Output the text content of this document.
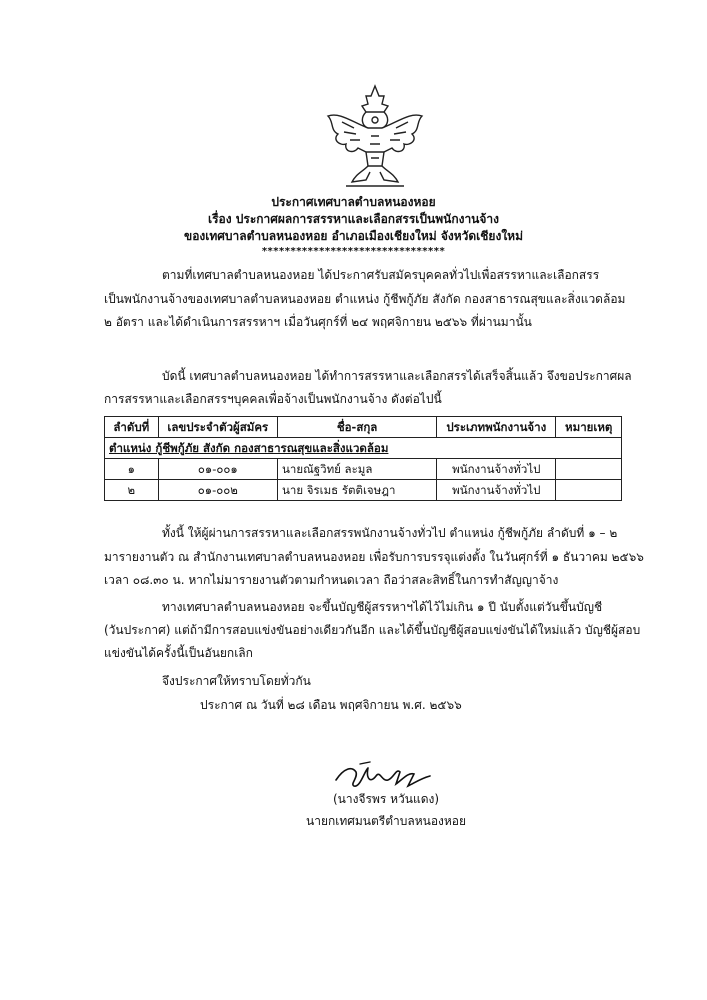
ประกาศเทศบาลตำบลหนองหอย
เรื่อง ประกาศผลการสรรหาและเลือกสรรเป็นพนักงานจ้าง
ของเทศบาลตำบลหนองหอย อำเภอเมืองเชียงใหม่ จังหวัดเชียงใหม่
********************************
ตามที่เทศบาลตำบลหนองหอย ได้ประกาศรับสมัครบุคคลทั่วไปเพื่อสรรหาและเลือกสรร
เป็นพนักงานจ้างของเทศบาลตำบลหนองหอย ตำแหน่ง กู้ชีพกู้ภัย สังกัด กองสาธารณสุขและสิ่งแวดล้อม
๒ อัตรา และได้ดำเนินการสรรหาฯ เมื่อวันศุกร์ที่ ๒๔ พฤศจิกายน ๒๕๖๖ ที่ผ่านมานั้น
บัดนี้ เทศบาลตำบลหนองหอย ได้ทำการสรรหาและเลือกสรรได้เสร็จสิ้นแล้ว จึงขอประกาศผล
การสรรหาและเลือกสรรฯบุคคลเพื่อจ้างเป็นพนักงานจ้าง ดังต่อไปนี้
ลำดับที่	เลขประจำตัวผู้สมัคร	ชื่อ-สกุล	ประเภทพนักงานจ้าง	หมายเหตุ
ตำแหน่ง กู้ชีพกู้ภัย สังกัด กองสาธารณสุขและสิ่งแวดล้อม				
๑	๐๑-๐๐๑	นายณัฐวิทย์ ละมูล	พนักงานจ้างทั่วไป	
๒	๐๑-๐๐๒	นาย จิรเมธ รัตติเจษฎา	พนักงานจ้างทั่วไป	
ทั้งนี้ ให้ผู้ผ่านการสรรหาและเลือกสรรพนักงานจ้างทั่วไป ตำแหน่ง กู้ชีพกู้ภัย ลำดับที่ ๑ – ๒
มารายงานตัว ณ สำนักงานเทศบาลตำบลหนองหอย เพื่อรับการบรรจุแต่งตั้ง ในวันศุกร์ที่ ๑ ธันวาคม ๒๕๖๖
เวลา ๐๘.๓๐ น. หากไม่มารายงานตัวตามกำหนดเวลา ถือว่าสละสิทธิ์ในการทำสัญญาจ้าง
ทางเทศบาลตำบลหนองหอย จะขึ้นบัญชีผู้สรรหาฯได้ไว้ไม่เกิน ๑ ปี นับตั้งแต่วันขึ้นบัญชี
(วันประกาศ) แต่ถ้ามีการสอบแข่งขันอย่างเดียวกันอีก และได้ขึ้นบัญชีผู้สอบแข่งขันได้ใหม่แล้ว บัญชีผู้สอบ
แข่งขันได้ครั้งนี้เป็นอันยกเลิก
จึงประกาศให้ทราบโดยทั่วกัน
ประกาศ ณ วันที่ ๒๘ เดือน พฤศจิกายน พ.ศ. ๒๕๖๖
(นางจีรพร หวันแดง)
นายกเทศมนตรีตำบลหนองหอย
